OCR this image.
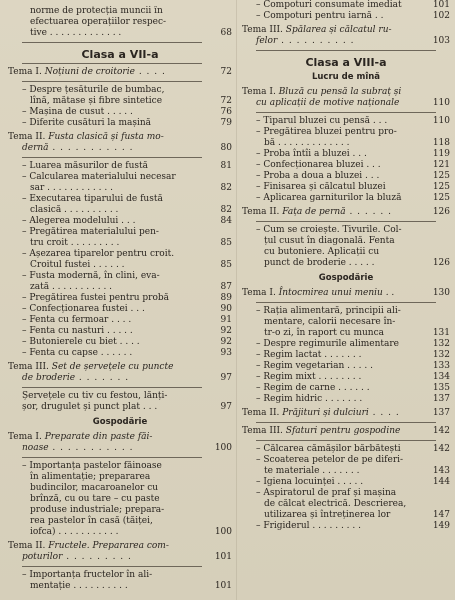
norme de protecția muncii în
efectuarea operațiilor respec-
tive . . . . . . . . . . . . .	68
Clasa a VII-a
Tema I. Noțiuni de croitorie . . . .	72
– Despre țesăturile de bumbac,
lînă, mătase și fibre sintetice	72
– Mașina de cusut . . . . .	76
– Diferite cusături la mașină	79
Tema II. Fusta clasică și fusta mo-
dernă . . . . . . . . . . .	80
– Luarea măsurilor de fustă	81
– Calcularea materialului necesar
sar . . . . . . . . . . . .	82
– Executarea tiparului de fustă
clasică . . . . . . . . . .	82
– Alegerea modelului . . .	84
– Pregătirea materialului pen-
tru croit . . . . . . . . .	85
– Așezarea tiparelor pentru croit.
Croitul fustei . . . . . .	85
– Fusta modernă, în clini, eva-
zată . . . . . . . . . . .	87
– Pregătirea fustei pentru probă	89
– Confecționarea fustei . . .	90
– Fenta cu fermoar . . . .	91
– Fenta cu nasturi . . . . .	92
– Butonierele cu biet . . . .	92
– Fenta cu capse . . . . . .	93
Tema III. Set de șervețele cu puncte
de broderie . . . . . . .	97
Șervețele cu tiv cu festou, lănți-
șor, drugulet și punct plat . . .	97
Gospodărie
Tema I. Preparate din paste făi-
noase . . . . . . . . . . .	100
– Importanța pastelor făinoase
în alimentație; prepararea
budincilor, macaroanelor cu
brînză, cu ou tare – cu paste
produse industriale; prepara-
rea pastelor în casă (tăiței,
iofca) . . . . . . . . . . .	100
Tema II. Fructele. Prepararea com-
poturilor . . . . . . . . .	101
– Importanța fructelor în ali-
mentație . . . . . . . . . .	101
– Compoturi consumate imediat	101
– Compoturi pentru iarnă . .	102
Tema III. Spălarea și călcatul ru-
felor . . . . . . . . . .	103
Clasa a VIII-a
Lucru de mînă
Tema I. Bluză cu pensă la subraț și
cu aplicații de motive naționale	110
– Tiparul bluzei cu pensă . . .	110
– Pregătirea bluzei pentru pro-
bă . . . . . . . . . . . . .	118
– Proba întîi a bluzei . . .	119
– Confecționarea bluzei . . .	121
– Proba a doua a bluzei . . .	125
– Finisarea și călcatul bluzei	125
– Aplicarea garniturilor la bluză	125
Tema II. Fața de pernă . . . . . .	126
– Cum se croiește. Tivurile. Col-
țul cusut în diagonală. Fenta
cu butoniere. Aplicații cu
punct de broderie . . . . .	126
Gospodărie
Tema I. Întocmirea unui meniu . .	130
– Rația alimentară, principii ali-
mentare, calorii necesare în-
tr-o zi, în raport cu munca	131
– Despre regimurile alimentare	132
– Regim lactat . . . . . . .	132
– Regim vegetarian . . . . .	133
– Regim mixt . . . . . . . .	134
– Regim de carne . . . . . .	135
– Regim hidric . . . . . . .	137
Tema II. Prăjituri și dulciuri . . . .	137
Tema III. Sfaturi pentru gospodine	142
– Călcarea cămășilor bărbătești	142
– Scoaterea petelor de pe diferi-
te materiale . . . . . . .	143
– Igiena locuinței . . . . .	144
– Aspiratorul de praf și mașina
de călcat electrică. Descrierea,
utilizarea și întreținerea lor	147
– Frigiderul . . . . . . . . .	149
